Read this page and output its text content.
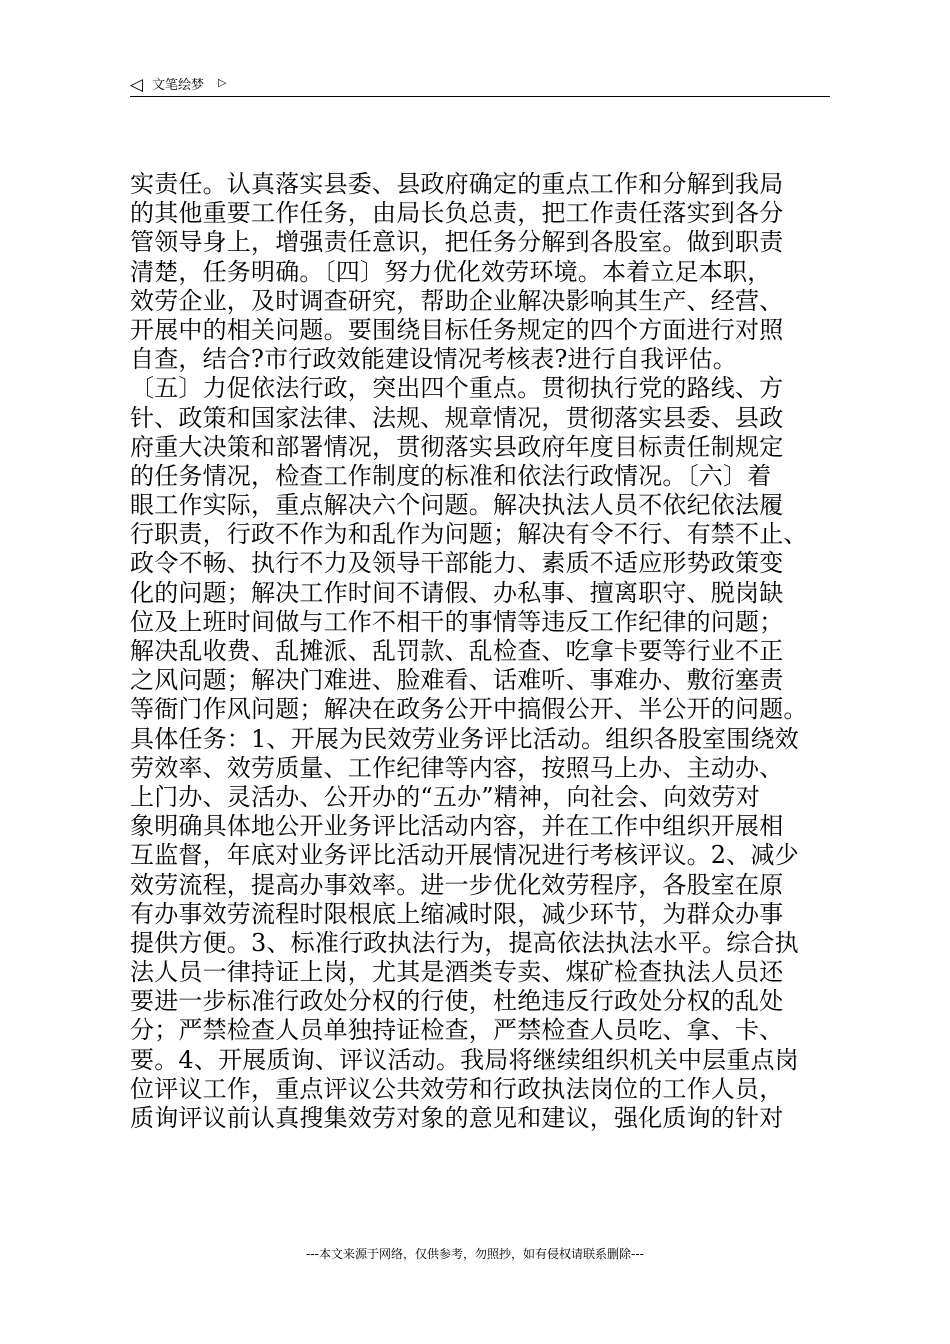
◁ 文笔绘梦 ▷
实责任。认真落实县委、县政府确定的重点工作和分解到我局
的其他重要工作任务，由局长负总责，把工作责任落实到各分
管领导身上，增强责任意识，把任务分解到各股室。做到职责
清楚，任务明确。〔四〕努力优化效劳环境。本着立足本职，
效劳企业，及时调查研究，帮助企业解决影响其生产、经营、
开展中的相关问题。要围绕目标任务规定的四个方面进行对照
自查，结合?市行政效能建设情况考核表?进行自我评估。
〔五〕力促依法行政，突出四个重点。贯彻执行党的路线、方
针、政策和国家法律、法规、规章情况，贯彻落实县委、县政
府重大决策和部署情况，贯彻落实县政府年度目标责任制规定
的任务情况，检查工作制度的标准和依法行政情况。〔六〕着
眼工作实际，重点解决六个问题。解决执法人员不依纪依法履
行职责，行政不作为和乱作为问题；解决有令不行、有禁不止、
政令不畅、执行不力及领导干部能力、素质不适应形势政策变
化的问题；解决工作时间不请假、办私事、擅离职守、脱岗缺
位及上班时间做与工作不相干的事情等违反工作纪律的问题；
解决乱收费、乱摊派、乱罚款、乱检查、吃拿卡要等行业不正
之风问题；解决门难进、脸难看、话难听、事难办、敷衍塞责
等衙门作风问题；解决在政务公开中搞假公开、半公开的问题。
具体任务：1、开展为民效劳业务评比活动。组织各股室围绕效
劳效率、效劳质量、工作纪律等内容，按照马上办、主动办、
上门办、灵活办、公开办的“五办”精神，向社会、向效劳对
象明确具体地公开业务评比活动内容，并在工作中组织开展相
互监督，年底对业务评比活动开展情况进行考核评议。2、减少
效劳流程，提高办事效率。进一步优化效劳程序，各股室在原
有办事效劳流程时限根底上缩减时限，减少环节，为群众办事
提供方便。3、标准行政执法行为，提高依法执法水平。综合执
法人员一律持证上岗，尤其是酒类专卖、煤矿检查执法人员还
要进一步标准行政处分权的行使，杜绝违反行政处分权的乱处
分；严禁检查人员单独持证检查，严禁检查人员吃、拿、卡、
要。4、开展质询、评议活动。我局将继续组织机关中层重点岗
位评议工作，重点评议公共效劳和行政执法岗位的工作人员，
质询评议前认真搜集效劳对象的意见和建议，强化质询的针对
---本文来源于网络，仅供参考，勿照抄，如有侵权请联系删除---
